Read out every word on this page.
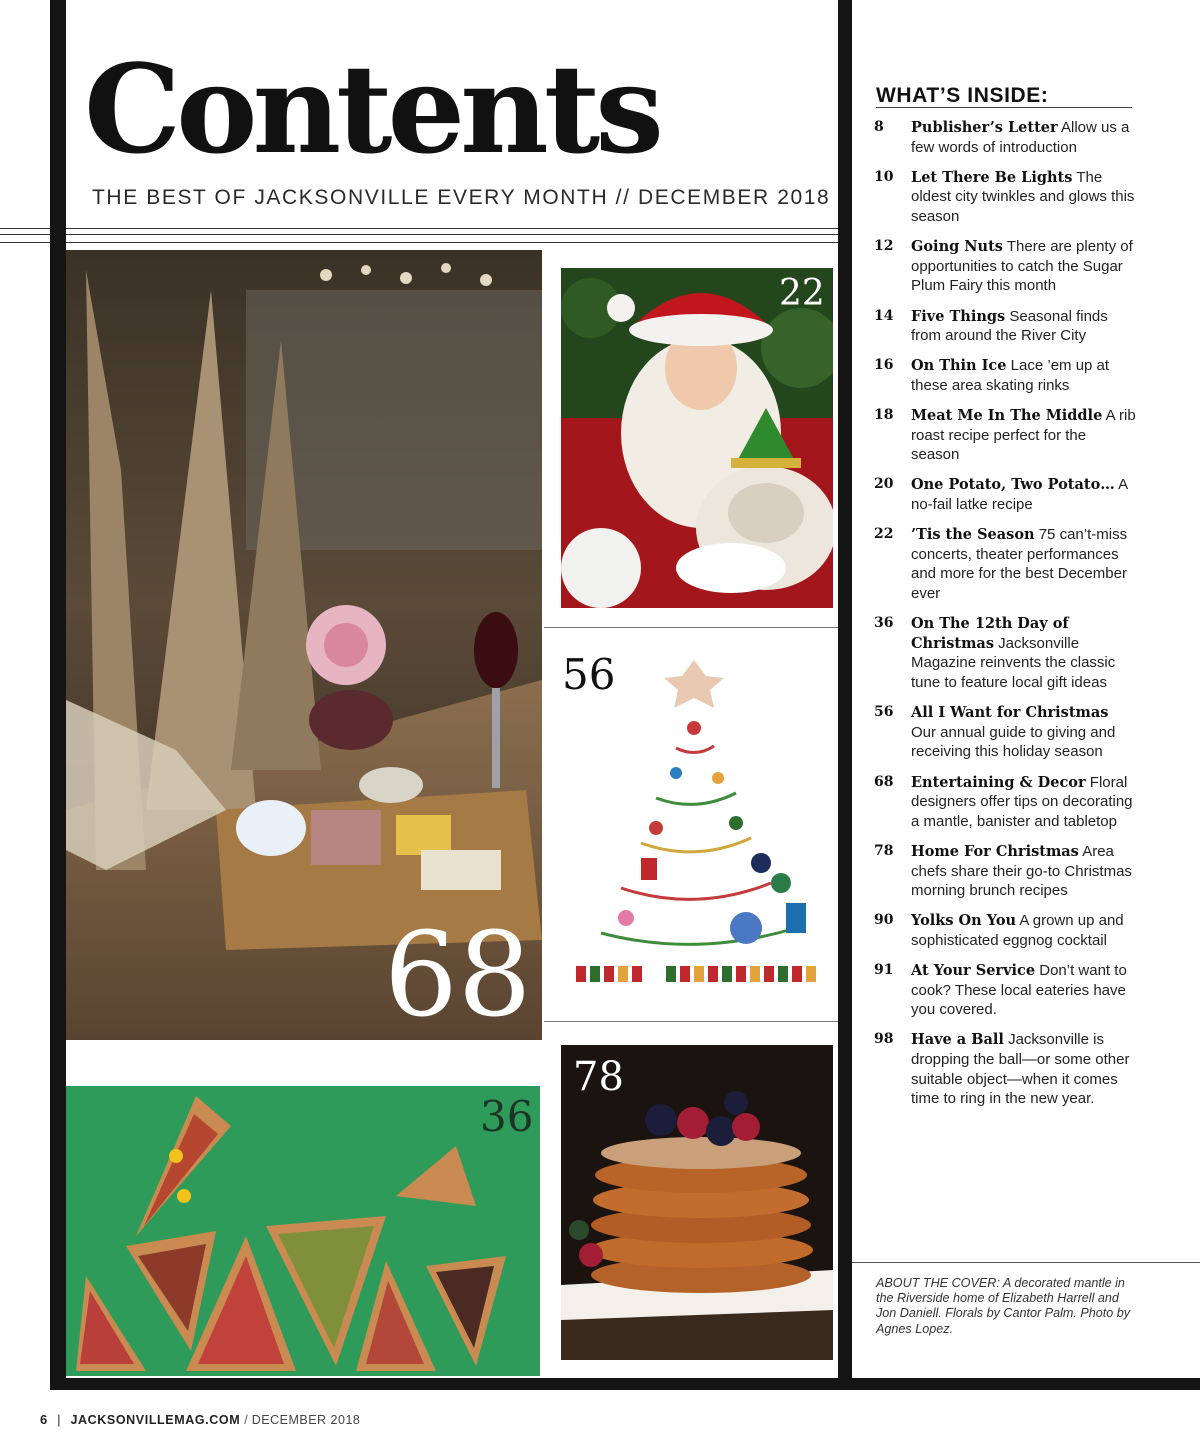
Contents
THE BEST OF JACKSONVILLE EVERY MONTH // DECEMBER 2018
68
22
56
36
78
WHAT’S INSIDE:
8 Publisher’s Letter Allow us a few words of introduction
10 Let There Be Lights The oldest city twinkles and glows this season
12 Going Nuts There are plenty of opportunities to catch the Sugar Plum Fairy this month
14 Five Things Seasonal finds from around the River City
16 On Thin Ice Lace ’em up at these area skating rinks
18 Meat Me In The Middle A rib roast recipe perfect for the season
20 One Potato, Two Potato… A no-fail latke recipe
22 ’Tis the Season 75 can’t-miss concerts, theater performances and more for the best December ever
36 On The 12th Day of Christmas Jacksonville Magazine reinvents the classic tune to feature local gift ideas
56 All I Want for Christmas Our annual guide to giving and receiving this holiday season
68 Entertaining & Decor Floral designers offer tips on decorating a mantle, banister and tabletop
78 Home For Christmas Area chefs share their go-to Christmas morning brunch recipes
90 Yolks On You A grown up and sophisticated eggnog cocktail
91 At Your Service Don’t want to cook? These local eateries have you covered.
98 Have a Ball Jacksonville is dropping the ball—or some other suitable object—when it comes time to ring in the new year.
ABOUT THE COVER: A decorated mantle in the Riverside home of Elizabeth Harrell and Jon Daniell. Florals by Cantor Palm. Photo by Agnes Lopez.
6 | JACKSONVILLEMAG.COM / DECEMBER 2018
